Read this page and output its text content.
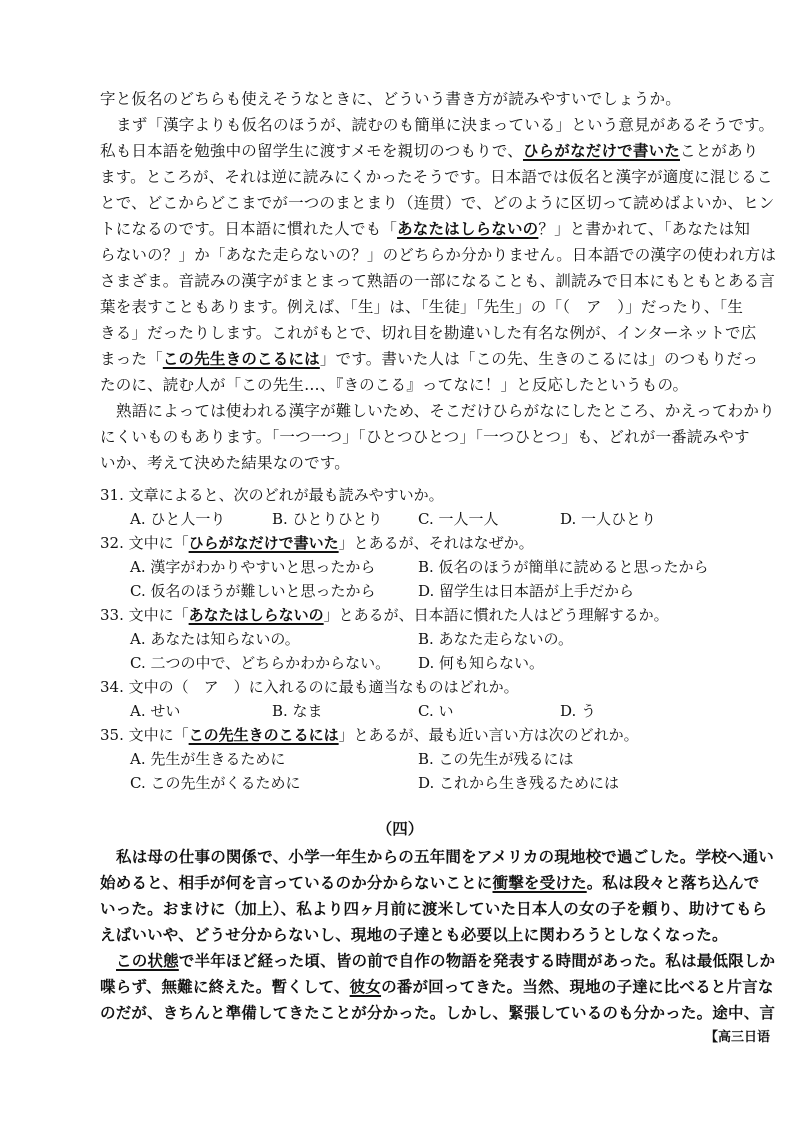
字と仮名のどちらも使えそうなときに、どういう書き方が読みやすいでしょうか。
まず「漢字よりも仮名のほうが、読むのも簡単に決まっている」という意見があるそうです。
私も日本語を勉強中の留学生に渡すメモを親切のつもりで、ひらがなだけで書いたことがあり
ます。ところが、それは逆に読みにくかったそうです。日本語では仮名と漢字が適度に混じるこ
とで、どこからどこまでが一つのまとまり（连贯）で、どのように区切って読めばよいか、ヒン
トになるのです。日本語に慣れた人でも「あなたはしらないの？」と書かれて、「あなたは知
らないの？」か「あなた走らないの？」のどちらか分かりません。日本語での漢字の使われ方は
さまざま。音読みの漢字がまとまって熟語の一部になることも、訓読みで日本にもともとある言
葉を表すこともあります。例えば、「生」は、「生徒」「先生」の「（　ア　）」だったり、「生
きる」だったりします。これがもとで、切れ目を勘違いした有名な例が、インターネットで広
まった「この先生きのこるには」です。書いた人は「この先、生きのこるには」のつもりだっ
たのに、読む人が「この先生…、『きのこる』ってなに！」と反応したというもの。
熟語によっては使われる漢字が難しいため、そこだけひらがなにしたところ、かえってわかり
にくいものもあります。「一つ一つ」「ひとつひとつ」「一つひとつ」も、どれが一番読みやす
いか、考えて決めた結果なのです。
31. 文章によると、次のどれが最も読みやすいか。
A. ひと人一り	B. ひとりひとり C. 一人一人	D. 一人ひとり
32. 文中に「ひらがなだけで書いた」とあるが、それはなぜか。
A. 漢字がわかりやすいと思ったから	B. 仮名のほうが簡単に読めると思ったから
C. 仮名のほうが難しいと思ったから	D. 留学生は日本語が上手だから
33. 文中に「あなたはしらないの」とあるが、日本語に慣れた人はどう理解するか。
A. あなたは知らないの。	B. あなた走らないの。
C. 二つの中で、どちらかわからない。 D. 何も知らない。
34. 文中の（　ア　）に入れるのに最も適当なものはどれか。
A. せい	B. なま	C. い	D. う
35. 文中に「この先生きのこるには」とあるが、最も近い言い方は次のどれか。
A. 先生が生きるために	B. この先生が残るには
C. この先生がくるために	D. これから生き残るためには
（四）
私は母の仕事の関係で、小学一年生からの五年間をアメリカの現地校で過ごした。学校へ通い
始めると、相手が何を言っているのか分からないことに衝撃を受けた。私は段々と落ち込んで
いった。おまけに（加上）、私より四ヶ月前に渡米していた日本人の女の子を頼り、助けてもら
えばいいや、どうせ分からないし、現地の子達とも必要以上に関わろうとしなくなった。
この状態で半年ほど経った頃、皆の前で自作の物語を発表する時間があった。私は最低限しか
喋らず、無難に終えた。暫くして、彼女の番が回ってきた。当然、現地の子達に比べると片言な
のだが、きちんと準備してきたことが分かった。しかし、緊張しているのも分かった。途中、言
【高三日语
